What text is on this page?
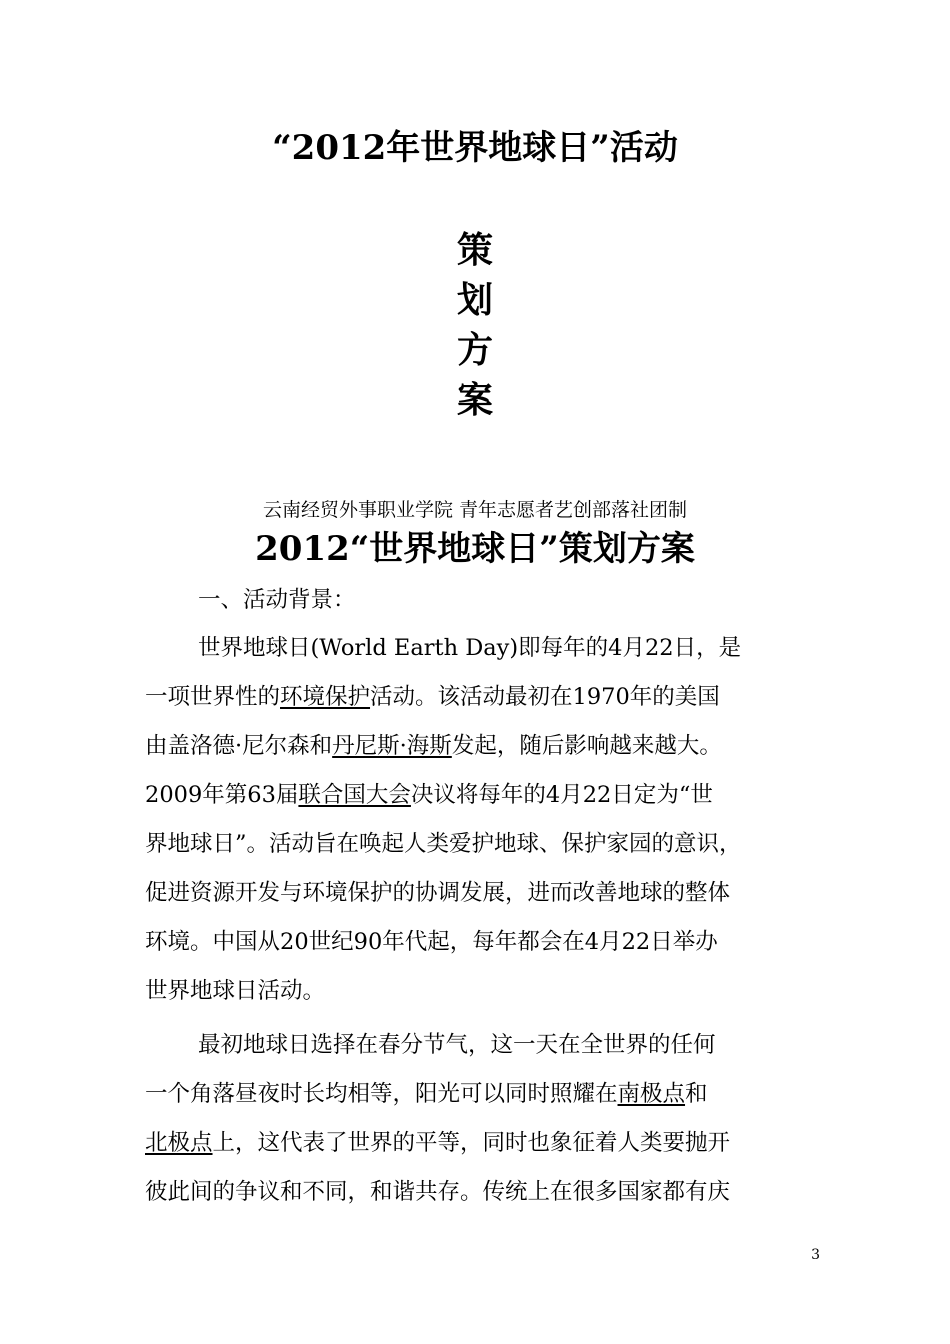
“2012年世界地球日”活动
策
划
方
案
云南经贸外事职业学院 青年志愿者艺创部落社团制
2012“世界地球日”策划方案
一、活动背景：
世界地球日(World Earth Day)即每年的4月22日，是
一项世界性的环境保护活动。该活动最初在1970年的美国
由盖洛德·尼尔森和丹尼斯·海斯发起，随后影响越来越大。
2009年第63届联合国大会决议将每年的4月22日定为“世
界地球日”。活动旨在唤起人类爱护地球、保护家园的意识，
促进资源开发与环境保护的协调发展，进而改善地球的整体
环境。中国从20世纪90年代起，每年都会在4月22日举办
世界地球日活动。
最初地球日选择在春分节气，这一天在全世界的任何
一个角落昼夜时长均相等，阳光可以同时照耀在南极点和
北极点上，这代表了世界的平等，同时也象征着人类要抛开
彼此间的争议和不同，和谐共存。传统上在很多国家都有庆
3
